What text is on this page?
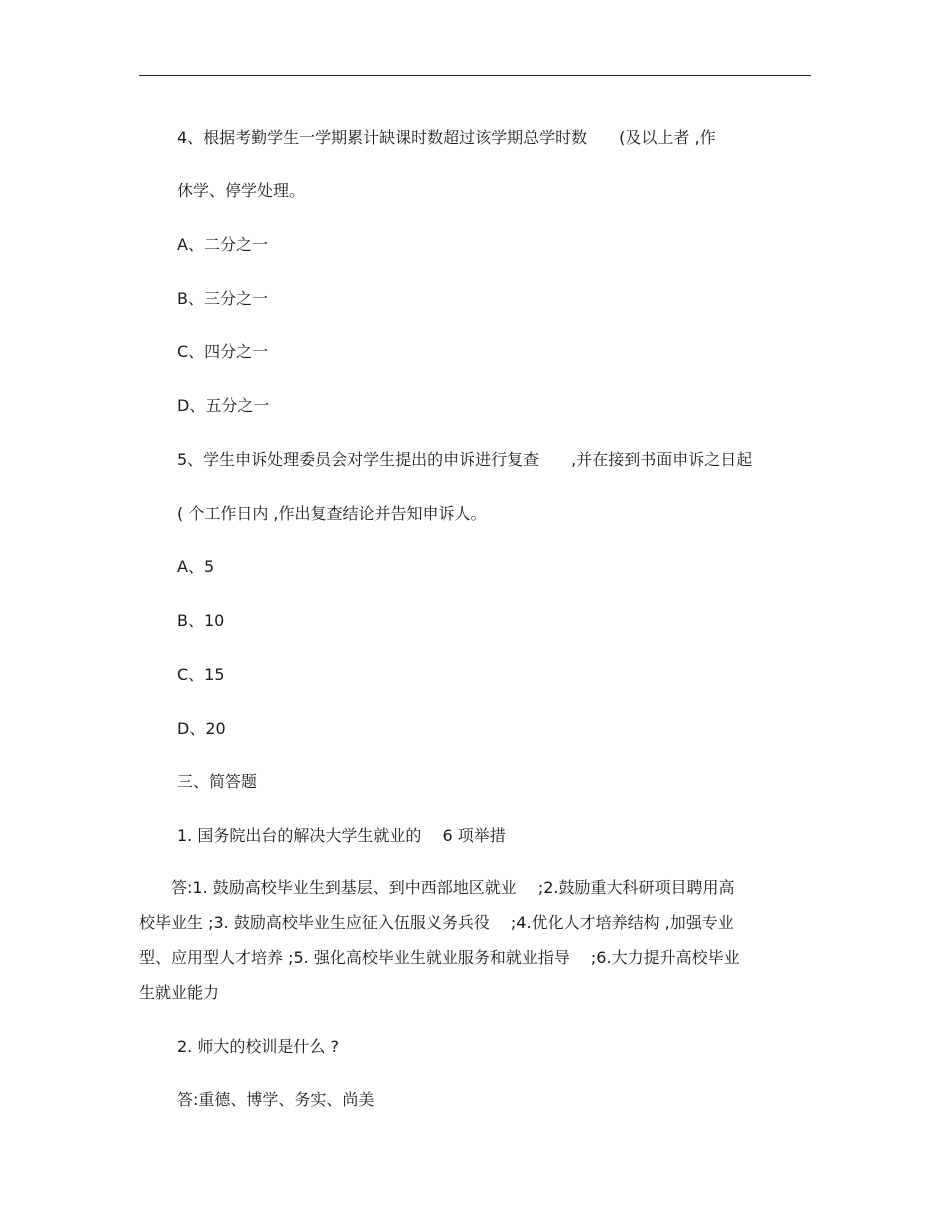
4、根据考勤学生一学期累计缺课时数超过该学期总学时数　　(及以上者 ,作
休学、停学处理。
A、二分之一
B、三分之一
C、四分之一
D、五分之一
5、学生申诉处理委员会对学生提出的申诉进行复查　　,并在接到书面申诉之日起
( 个工作日内 ,作出复查结论并告知申诉人。
A、5
B、10
C、15
D、20
三、简答题
1. 国务院出台的解决大学生就业的　 6 项举措
　　答:1. 鼓励高校毕业生到基层、到中西部地区就业　 ;2.鼓励重大科研项目聘用高
校毕业生 ;3. 鼓励高校毕业生应征入伍服义务兵役　 ;4.优化人才培养结构 ,加强专业
型、应用型人才培养 ;5. 强化高校毕业生就业服务和就业指导　 ;6.大力提升高校毕业
生就业能力
2. 师大的校训是什么 ?
答:重德、博学、务实、尚美
